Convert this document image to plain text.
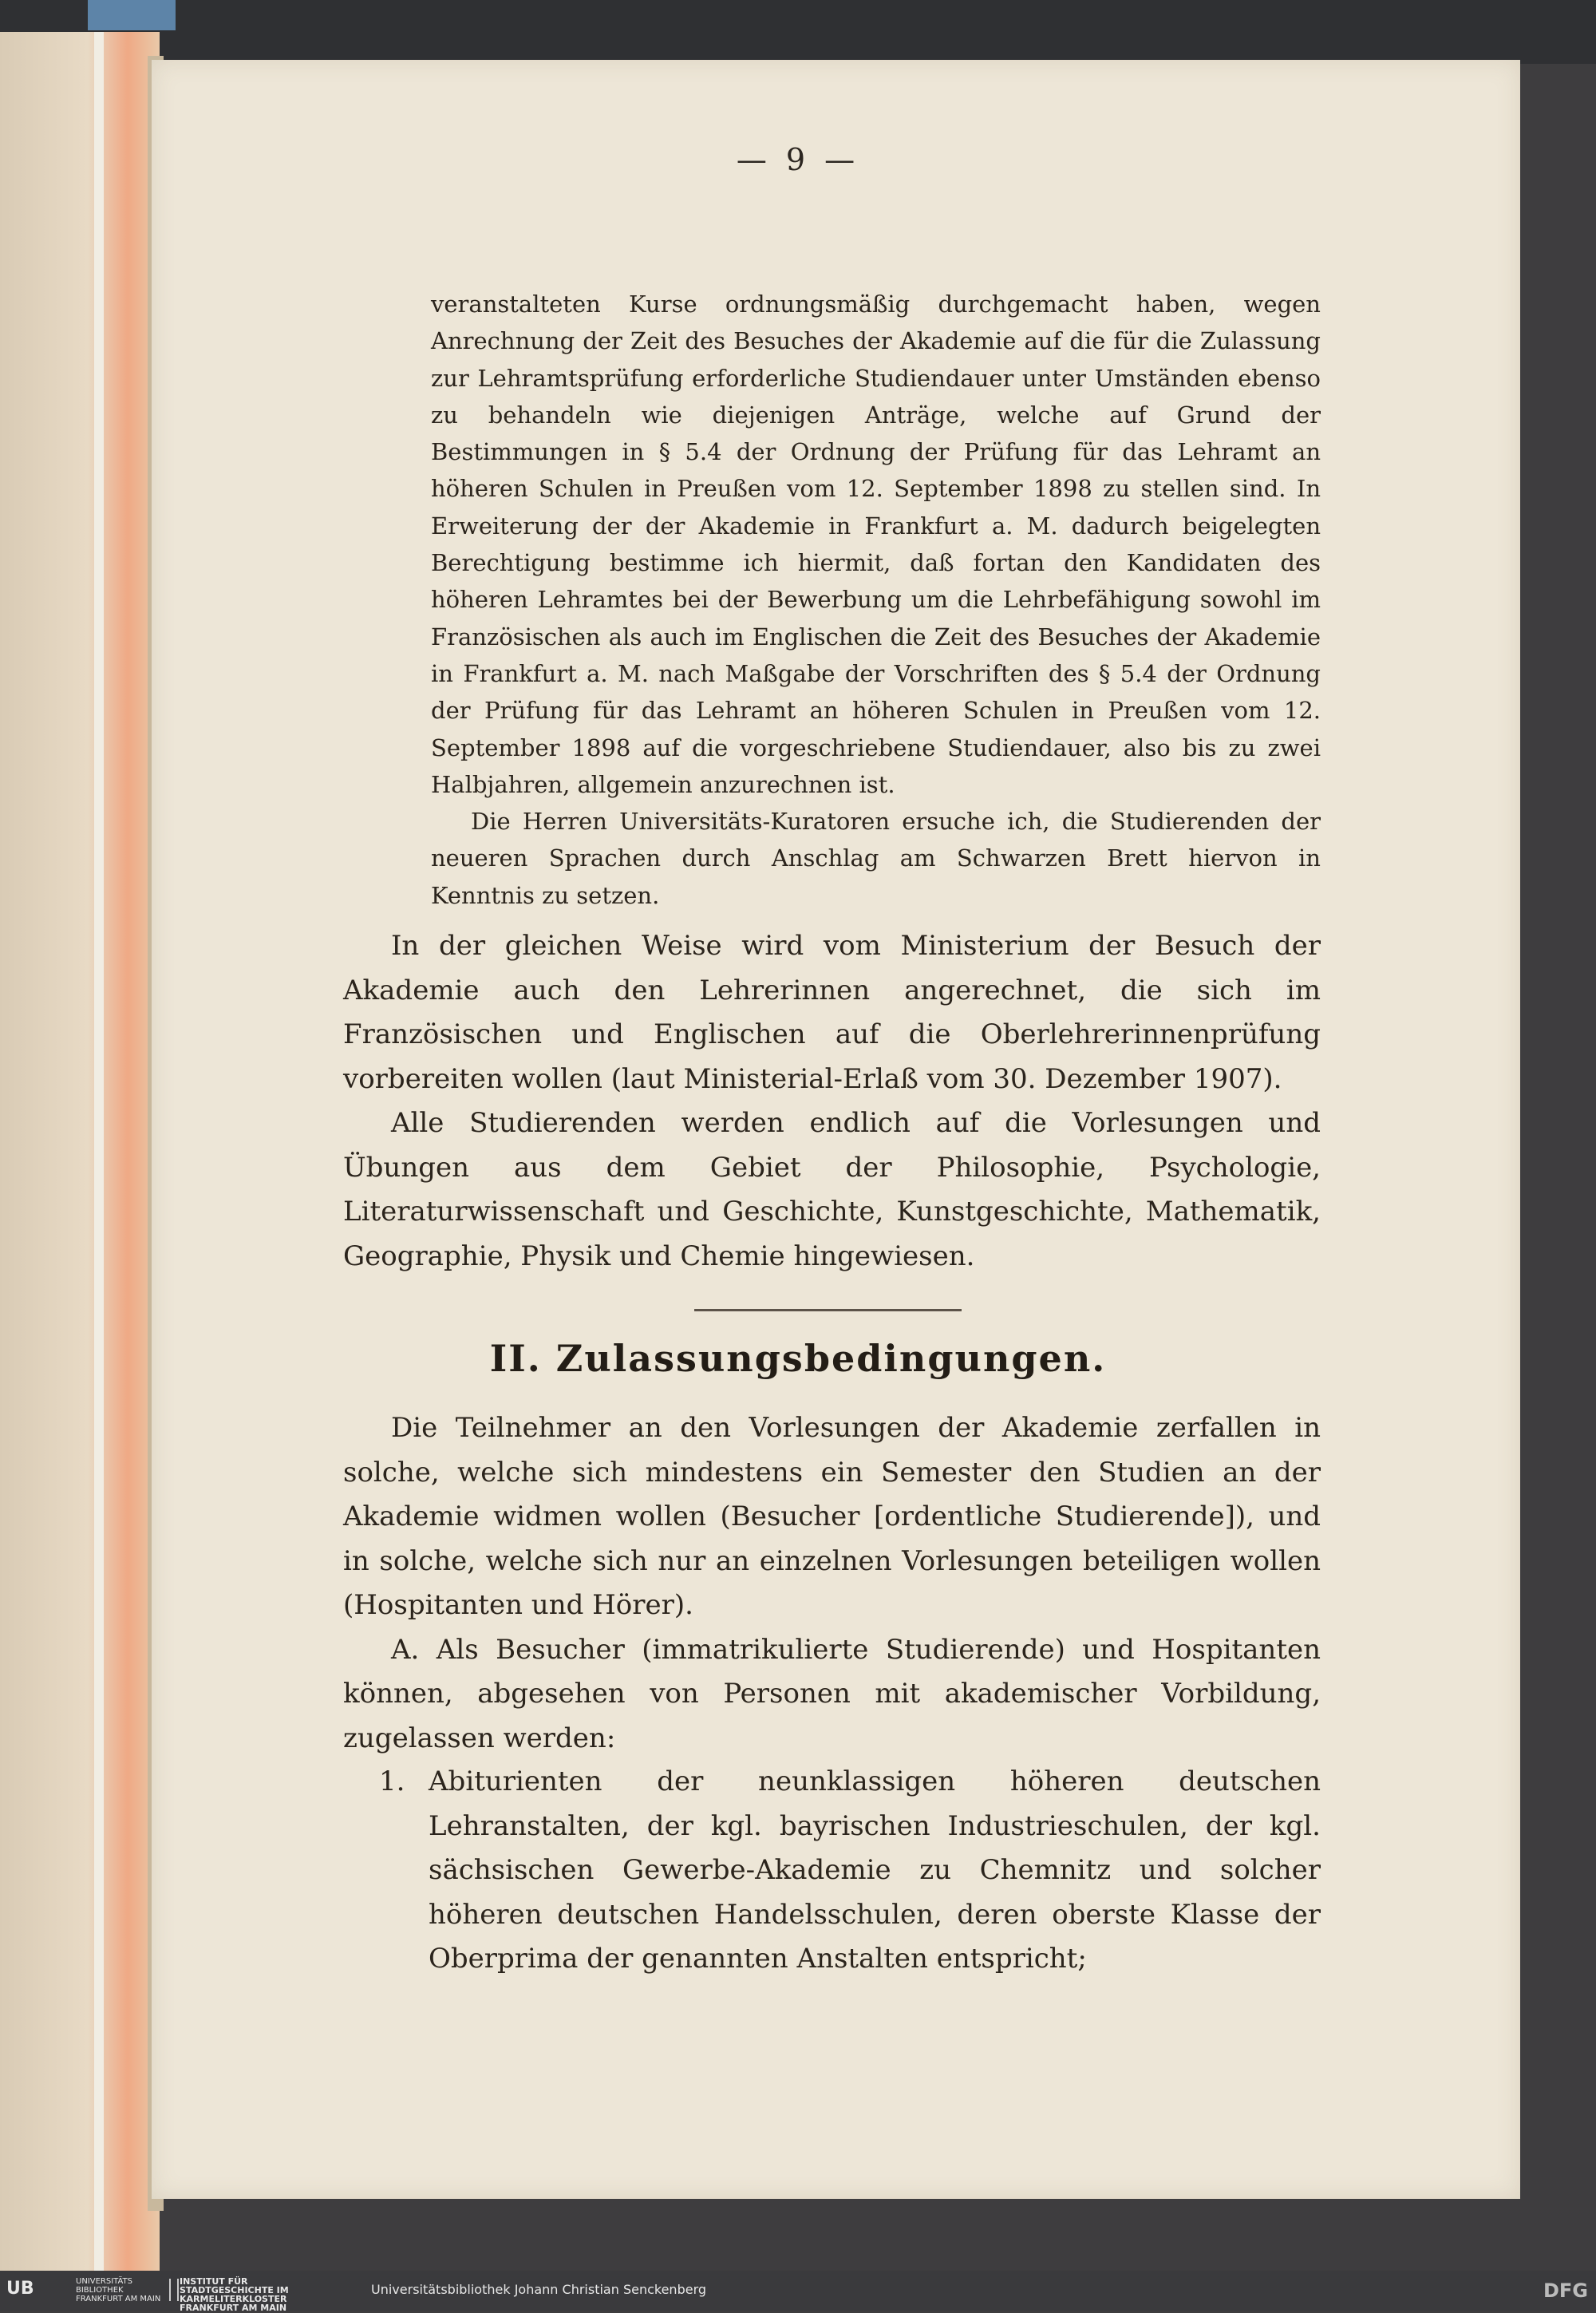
— 9 —

veranstalteten Kurse ordnungsmäßig durchgemacht haben, wegen Anrechnung der Zeit des Besuches der Akademie auf die für die Zulassung zur Lehramtsprüfung erforderliche Studiendauer unter Umständen ebenso zu behandeln wie diejenigen Anträge, welche auf Grund der Bestimmungen in § 5.4 der Ordnung der Prüfung für das Lehramt an höheren Schulen in Preußen vom 12. September 1898 zu stellen sind. In Erweiterung der der Akademie in Frankfurt a. M. dadurch beigelegten Berechtigung bestimme ich hiermit, daß fortan den Kandidaten des höheren Lehramtes bei der Bewerbung um die Lehrbefähigung sowohl im Französischen als auch im Englischen die Zeit des Besuches der Akademie in Frankfurt a. M. nach Maßgabe der Vorschriften des § 5.4 der Ordnung der Prüfung für das Lehramt an höheren Schulen in Preußen vom 12. September 1898 auf die vorgeschriebene Studiendauer, also bis zu zwei Halbjahren, allgemein anzurechnen ist.

Die Herren Universitäts-Kuratoren ersuche ich, die Studierenden der neueren Sprachen durch Anschlag am Schwarzen Brett hiervon in Kenntnis zu setzen.

In der gleichen Weise wird vom Ministerium der Besuch der Akademie auch den Lehrerinnen angerechnet, die sich im Französischen und Englischen auf die Oberlehrerinnenprüfung vorbereiten wollen (laut Ministerial-Erlaß vom 30. Dezember 1907).

Alle Studierenden werden endlich auf die Vorlesungen und Übungen aus dem Gebiet der Philosophie, Psychologie, Literaturwissenschaft und Geschichte, Kunstgeschichte, Mathematik, Geographie, Physik und Chemie hingewiesen.

II. Zulassungsbedingungen.

Die Teilnehmer an den Vorlesungen der Akademie zerfallen in solche, welche sich mindestens ein Semester den Studien an der Akademie widmen wollen (Besucher [ordentliche Studierende]), und in solche, welche sich nur an einzelnen Vorlesungen beteiligen wollen (Hospitanten und Hörer).

A. Als Besucher (immatrikulierte Studierende) und Hospitanten können, abgesehen von Personen mit akademischer Vorbildung, zugelassen werden:

1. Abiturienten der neunklassigen höheren deutschen Lehranstalten, der kgl. bayrischen Industrieschulen, der kgl. sächsischen Gewerbe-Akademie zu Chemnitz und solcher höheren deutschen Handelsschulen, deren oberste Klasse der Oberprima der genannten Anstalten entspricht;
UB	UNIVERSITÄTS BIBLIOTHEK FRANKFURT AM MAIN
INSTITUT FÜR STADTGESCHICHTE IM KARMELITERKLOSTER FRANKFURT AM MAIN
Universitätsbibliothek Johann Christian Senckenberg	DFG
